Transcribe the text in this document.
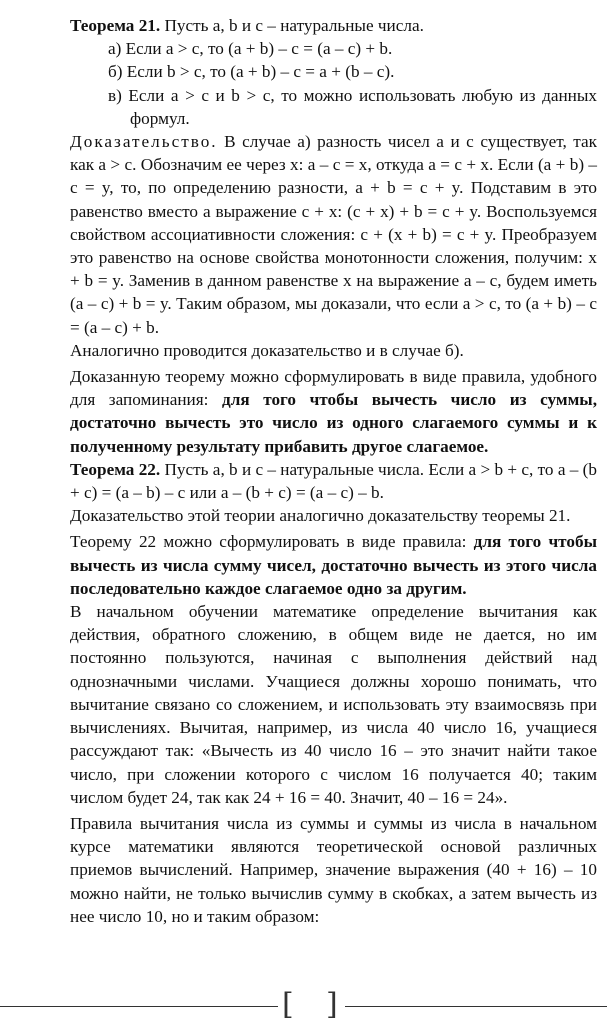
Теорема 21. Пусть a, b и c – натуральные числа.

а) Если a > c, то (a + b) – c = (a – c) + b.
б) Если b > c, то (a + b) – c = a + (b – c).
в) Если a > c и b > c, то можно использовать любую из данных формул.

Доказательство. В случае а) разность чисел a и c существует, так как a > c. Обозначим ее через x: a – c = x, откуда a = c + x. Если (a + b) – c = y, то, по определению разности, a + b = c + y. Подставим в это равенство вместо a выражение c + x: (c + x) + b = c + y. Воспользуемся свойством ассоциативности сложения: c + (x + b) = c + y. Преобразуем это равенство на основе свойства монотонности сложения, получим: x + b = y. Заменив в данном равенстве x на выражение a – c, будем иметь (a – c) + b = y. Таким образом, мы доказали, что если a > c, то (a + b) – c = (a – c) + b.

Аналогично проводится доказательство и в случае б).

Доказанную теорему можно сформулировать в виде правила, удобного для запоминания: для того чтобы вычесть число из суммы, достаточно вычесть это число из одного слагаемого суммы и к полученному результату прибавить другое слагаемое.

Теорема 22. Пусть a, b и c – натуральные числа. Если a > b + c, то a – (b + c) = (a – b) – c или a – (b + c) = (a – c) – b.

Доказательство этой теории аналогично доказательству теоремы 21.

Теорему 22 можно сформулировать в виде правила: для того чтобы вычесть из числа сумму чисел, достаточно вычесть из этого числа последовательно каждое слагаемое одно за другим.

В начальном обучении математике определение вычитания как действия, обратного сложению, в общем виде не дается, но им постоянно пользуются, начиная с выполнения действий над однозначными числами. Учащиеся должны хорошо понимать, что вычитание связано со сложением, и использовать эту взаимосвязь при вычислениях. Вычитая, например, из числа 40 число 16, учащиеся рассуждают так: «Вычесть из 40 число 16 – это значит найти такое число, при сложении которого с числом 16 получается 40; таким числом будет 24, так как 24 + 16 = 40. Значит, 40 – 16 = 24».

Правила вычитания числа из суммы и суммы из числа в начальном курсе математики являются теоретической основой различных приемов вычислений. Например, значение выражения (40 + 16) – 10 можно найти, не только вычислив сумму в скобках, а затем вычесть из нее число 10, но и таким образом:

[ ]
